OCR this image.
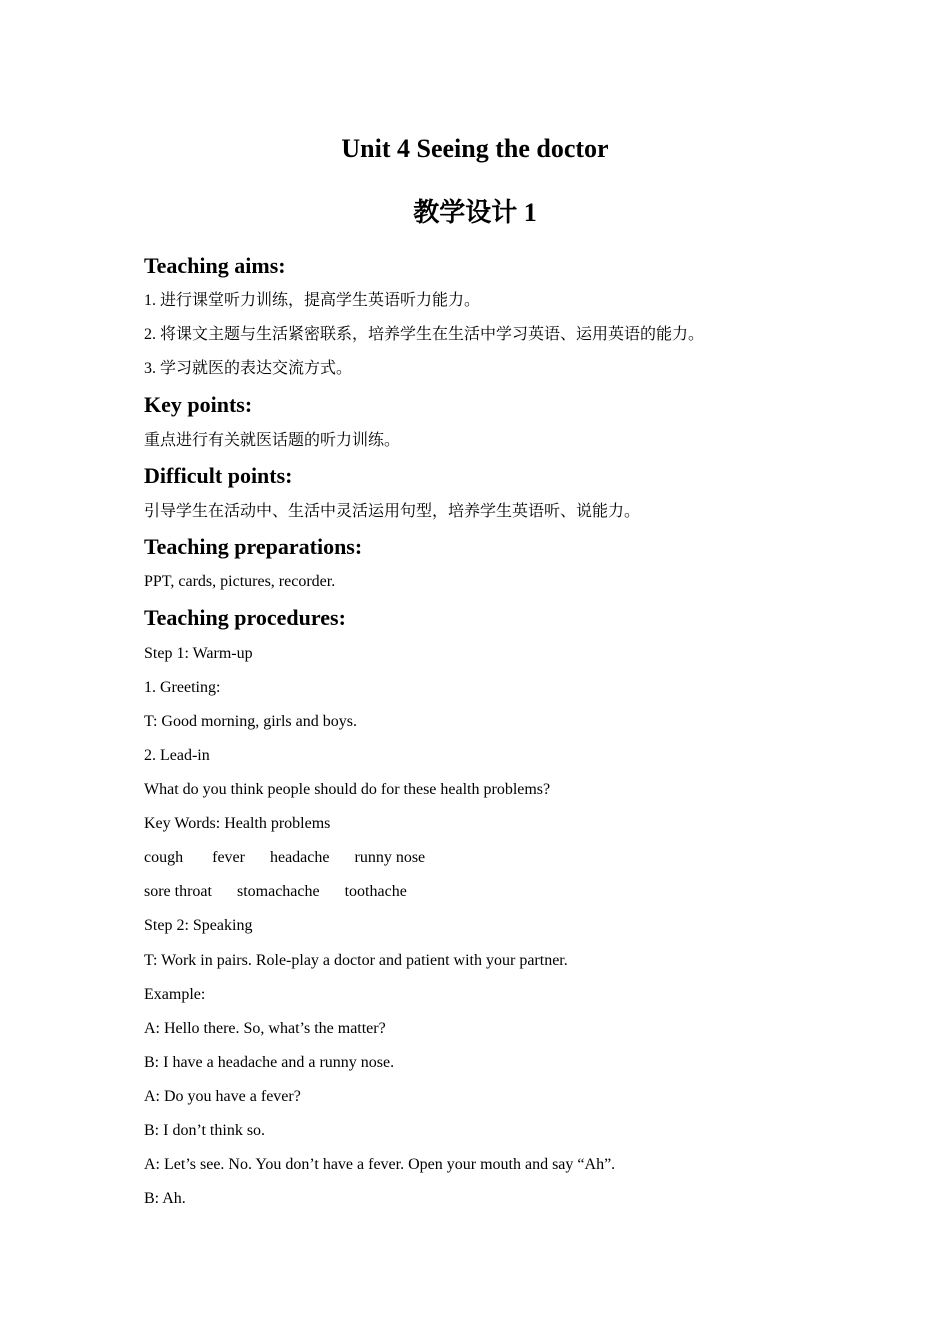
Unit 4 Seeing the doctor
教学设计 1
Teaching aims:

1. 进行课堂听力训练，提高学生英语听力能力。

2. 将课文主题与生活紧密联系，培养学生在生活中学习英语、运用英语的能力。

3. 学习就医的表达交流方式。

Key points:

重点进行有关就医话题的听力训练。

Difficult points:

引导学生在活动中、生活中灵活运用句型，培养学生英语听、说能力。

Teaching preparations:

PPT, cards, pictures, recorder.

Teaching procedures:

Step 1: Warm-up

1. Greeting:

T: Good morning, girls and boys.

2. Lead-in

What do you think people should do for these health problems?

Key Words: Health problems

cough fever headache runny nose

sore throat stomachache toothache

Step 2: Speaking

T: Work in pairs. Role-play a doctor and patient with your partner.

Example:

A: Hello there. So, what’s the matter?

B: I have a headache and a runny nose.

A: Do you have a fever?

B: I don’t think so.

A: Let’s see. No. You don’t have a fever. Open your mouth and say “Ah”.

B: Ah.
